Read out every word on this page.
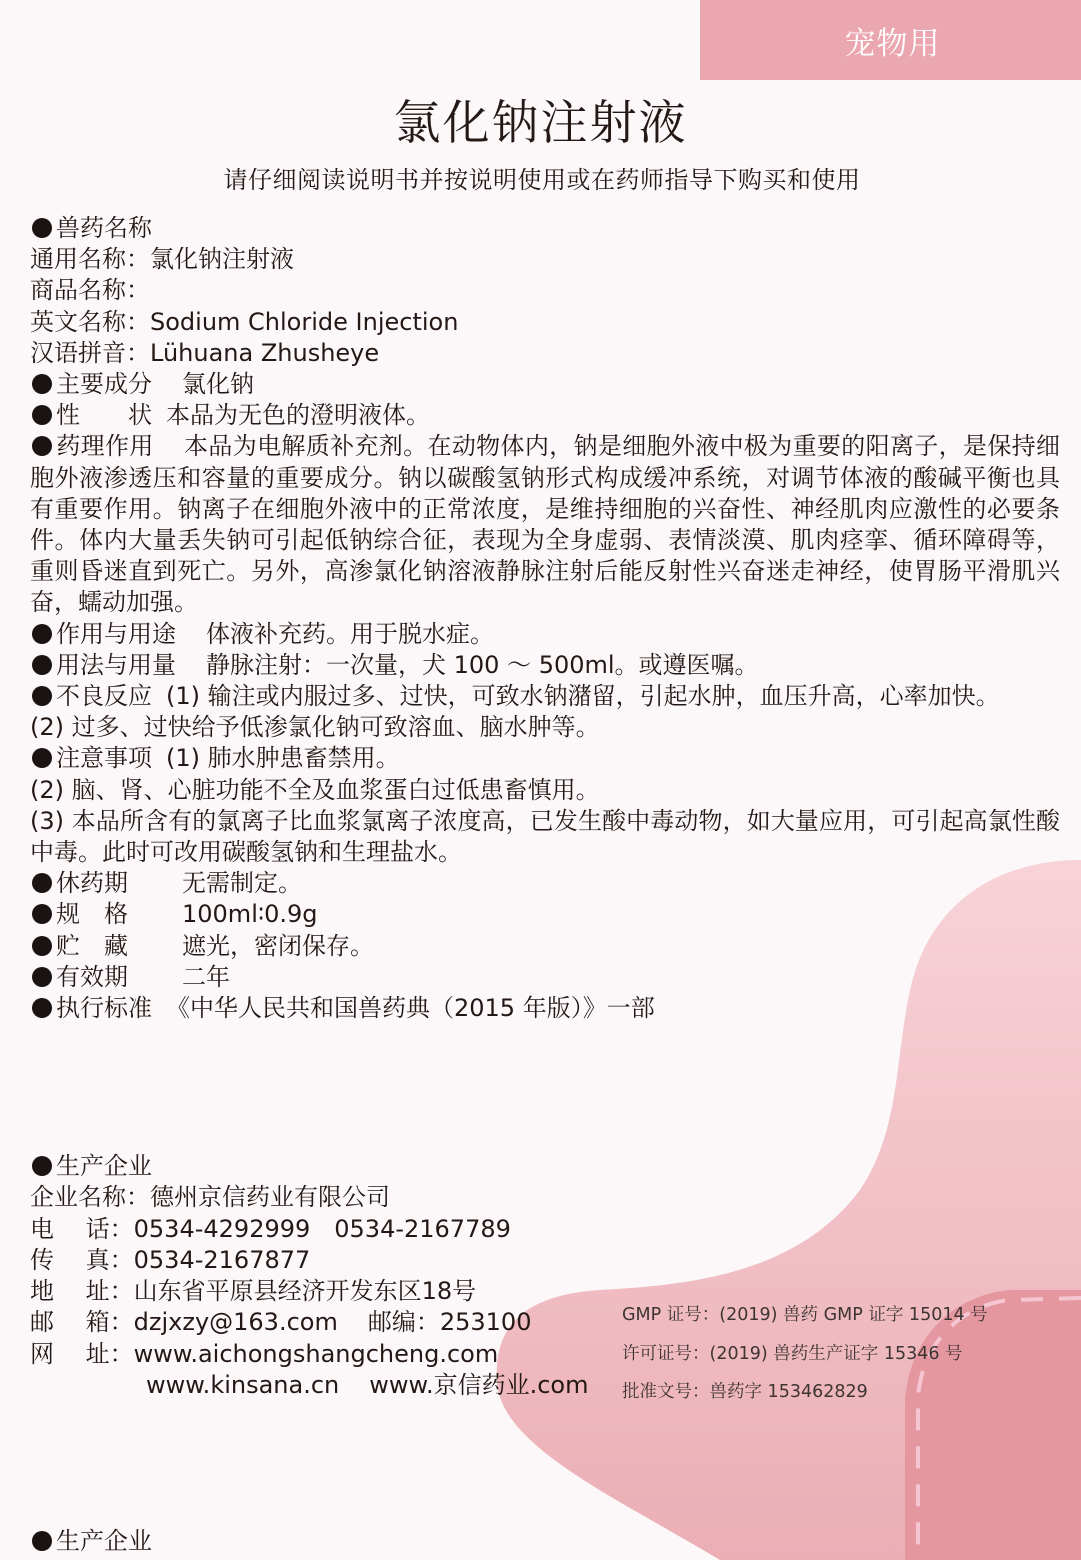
宠物用
氯化钠注射液
请仔细阅读说明书并按说明使用或在药师指导下购买和使用
兽药名称
通用名称：氯化钠注射液
商品名称：
英文名称：Sodium Chloride Injection
汉语拼音：Lühuana Zhusheye
主要成分 氯化钠
性　　状 本品为无色的澄明液体。
药理作用 本品为电解质补充剂。在动物体内，钠是细胞外液中极为重要的阳离子，是保持细胞外液渗透压和容量的重要成分。钠以碳酸氢钠形式构成缓冲系统，对调节体液的酸碱平衡也具有重要作用。钠离子在细胞外液中的正常浓度，是维持细胞的兴奋性、神经肌肉应激性的必要条件。体内大量丢失钠可引起低钠综合征，表现为全身虚弱、表情淡漠、肌肉痉挛、循环障碍等，重则昏迷直到死亡。另外，高渗氯化钠溶液静脉注射后能反射性兴奋迷走神经，使胃肠平滑肌兴奋，蠕动加强。
作用与用途 体液补充药。用于脱水症。
用法与用量 静脉注射：一次量，犬 100 ～ 500ml。或遵医嘱。
不良反应 (1) 输注或内服过多、过快，可致水钠潴留，引起水肿，血压升高，心率加快。
(2) 过多、过快给予低渗氯化钠可致溶血、脑水肿等。
注意事项 (1) 肺水肿患畜禁用。
(2) 脑、肾、心脏功能不全及血浆蛋白过低患畜慎用。
(3) 本品所含有的氯离子比血浆氯离子浓度高，已发生酸中毒动物，如大量应用，可引起高氯性酸中毒。此时可改用碳酸氢钠和生理盐水。
休药期 无需制定。
规　格 100ml∶0.9g
贮　藏 遮光，密闭保存。
有效期 二年
执行标准 《中华人民共和国兽药典（2015 年版）》一部
生产企业
企业名称：德州京信药业有限公司
电　 话：0534-4292999　0534-2167789
传　 真：0534-2167877
地　 址：山东省平原县经济开发东区18号
邮　 箱：dzjxzy@163.com 邮编：253100
网　 址：www.aichongshangcheng.com
www.kinsana.cn www.京信药业.com
GMP 证号：(2019) 兽药 GMP 证字 15014 号
许可证号：(2019) 兽药生产证字 15346 号
批准文号：兽药字 153462829
生产企业
